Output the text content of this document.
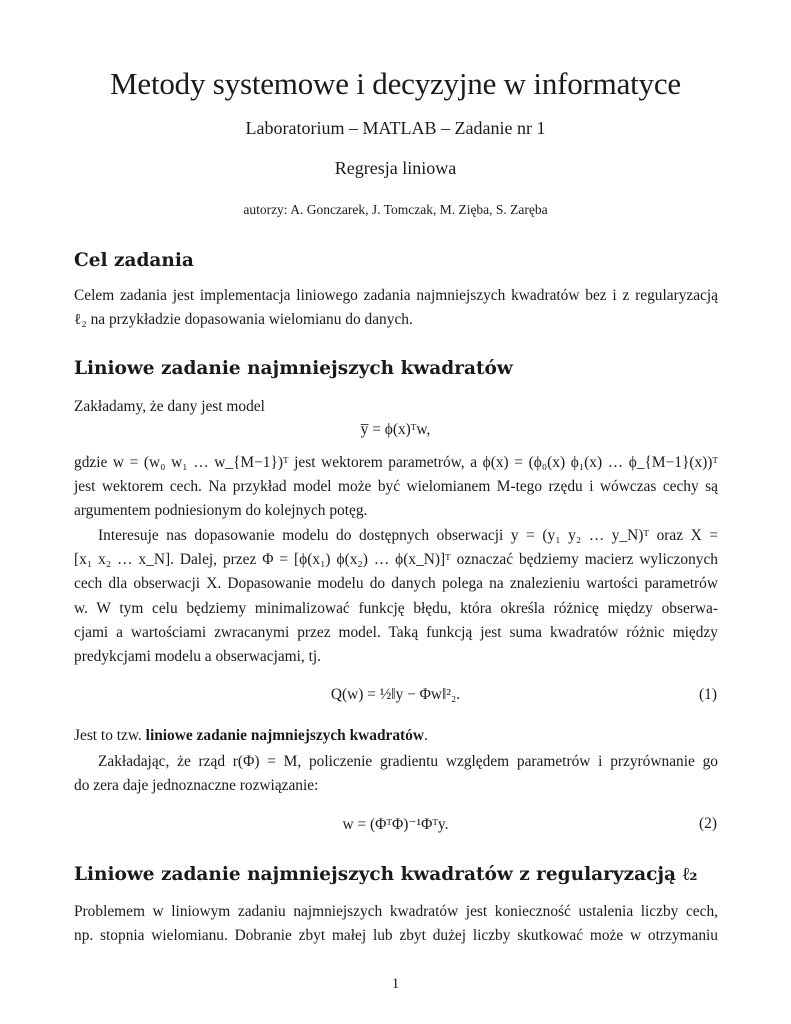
Metody systemowe i decyzyjne w informatyce
Laboratorium – MATLAB – Zadanie nr 1
Regresja liniowa
autorzy: A. Gonczarek, J. Tomczak, M. Zięba, S. Zaręba
Cel zadania
Celem zadania jest implementacja liniowego zadania najmniejszych kwadratów bez i z regularyzacją
ℓ₂ na przykładzie dopasowania wielomianu do danych.
Liniowe zadanie najmniejszych kwadratów
Zakładamy, że dany jest model
y̅ = ϕ(x)ᵀw,
gdzie w = (w₀ w₁ … w_{M−1})ᵀ jest wektorem parametrów, a ϕ(x) = (ϕ₀(x) ϕ₁(x) … ϕ_{M−1}(x))ᵀ
jest wektorem cech. Na przykład model może być wielomianem M-tego rzędu i wówczas cechy są
argumentem podniesionym do kolejnych potęg.
Interesuje nas dopasowanie modelu do dostępnych obserwacji y = (y₁ y₂ … y_N)ᵀ oraz X =
[x₁ x₂ … x_N]. Dalej, przez Φ = [ϕ(x₁) ϕ(x₂) … ϕ(x_N)]ᵀ oznaczać będziemy macierz wyliczonych
cech dla obserwacji X. Dopasowanie modelu do danych polega na znalezieniu wartości parametrów
w. W tym celu będziemy minimalizować funkcję błędu, która określa różnicę między obserwa-
cjami a wartościami zwracanymi przez model. Taką funkcją jest suma kwadratów różnic między
predykcjami modelu a obserwacjami, tj.
Q(w) = ½‖y − Φw‖²₂.	(1)
Jest to tzw. liniowe zadanie najmniejszych kwadratów.
Zakładając, że rząd r(Φ) = M, policzenie gradientu względem parametrów i przyrównanie go
do zera daje jednoznaczne rozwiązanie:
w = (ΦᵀΦ)⁻¹Φᵀy.	(2)
Liniowe zadanie najmniejszych kwadratów z regularyzacją ℓ₂
Problemem w liniowym zadaniu najmniejszych kwadratów jest konieczność ustalenia liczby cech,
np. stopnia wielomianu. Dobranie zbyt małej lub zbyt dużej liczby skutkować może w otrzymaniu
1
